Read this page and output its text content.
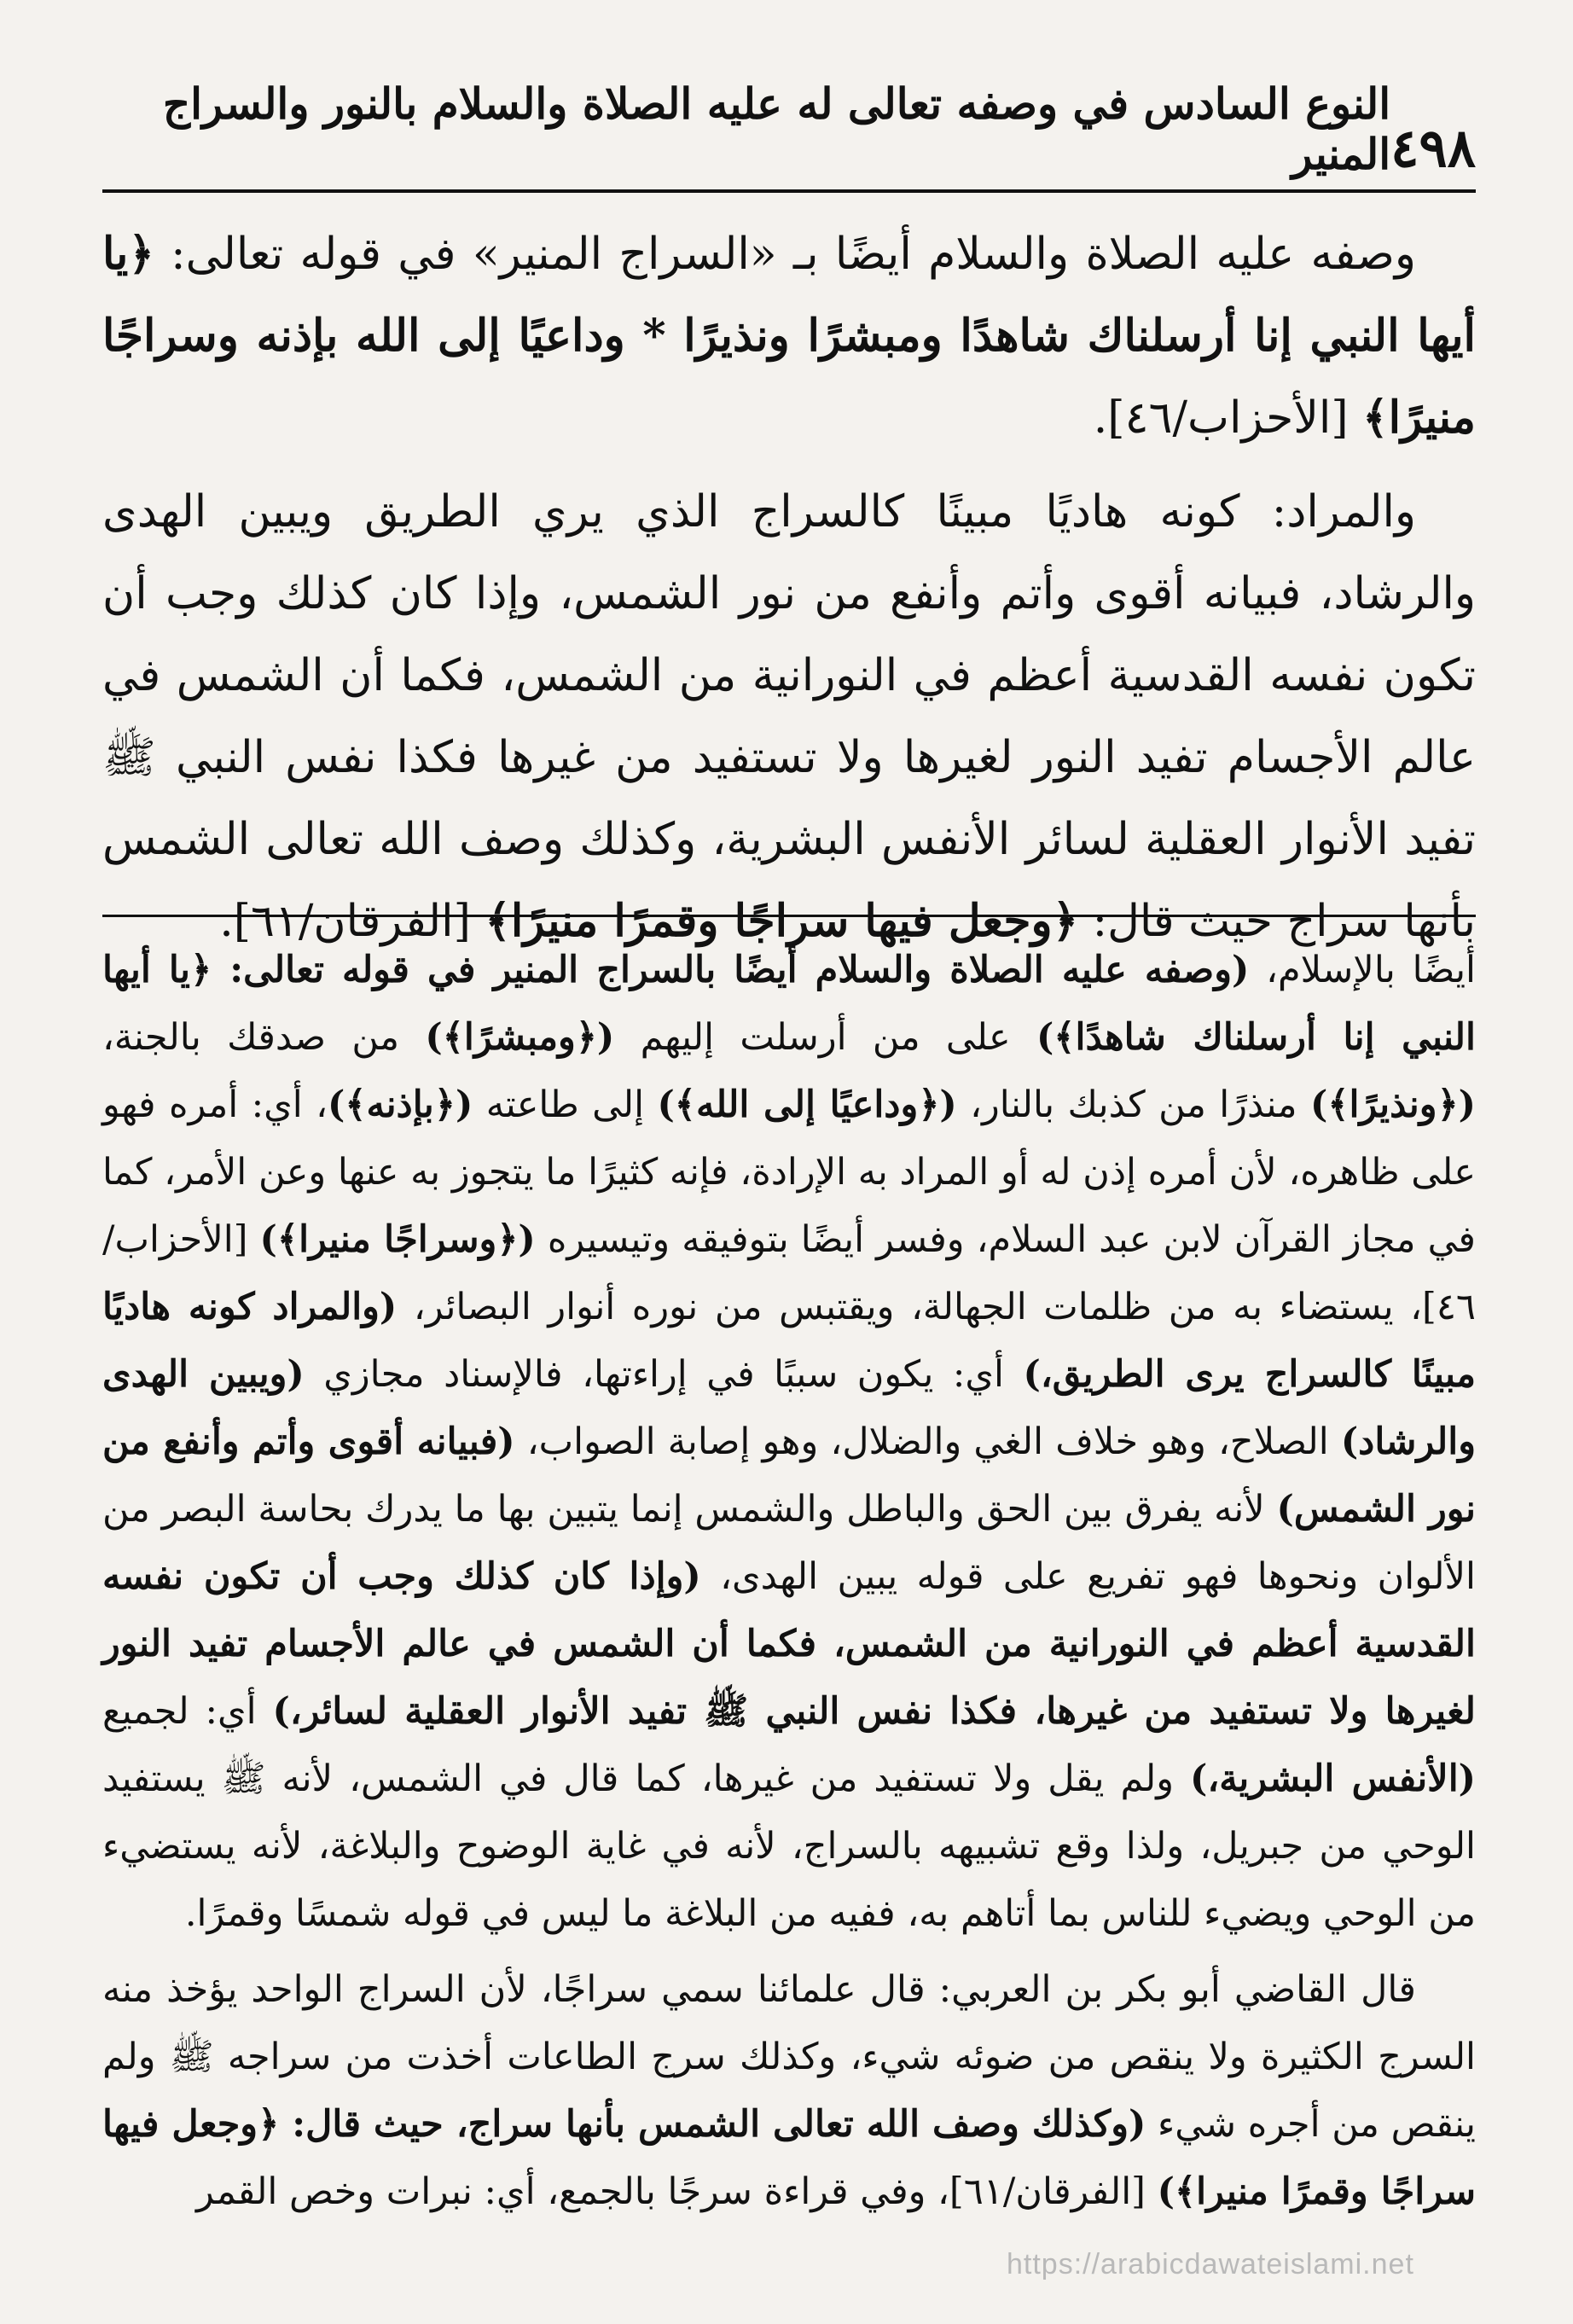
٤٩٨
النوع السادس في وصفه تعالى له عليه الصلاة والسلام بالنور والسراج المنير

وصفه عليه الصلاة والسلام أيضًا بـ «السراج المنير» في قوله تعالى: ﴿يا أيها النبي إنا أرسلناك شاهدًا ومبشرًا ونذيرًا * وداعيًا إلى الله بإذنه وسراجًا منيرًا﴾ [الأحزاب/٤٦].

والمراد: كونه هاديًا مبينًا كالسراج الذي يري الطريق ويبين الهدى والرشاد، فبيانه أقوى وأتم وأنفع من نور الشمس، وإذا كان كذلك وجب أن تكون نفسه القدسية أعظم في النورانية من الشمس، فكما أن الشمس في عالم الأجسام تفيد النور لغيرها ولا تستفيد من غيرها فكذا نفس النبي ﷺ تفيد الأنوار العقلية لسائر الأنفس البشرية، وكذلك وصف الله تعالى الشمس بأنها سراج حيث قال: ﴿وجعل فيها سراجًا وقمرًا منيرًا﴾ [الفرقان/٦١].

أيضًا بالإسلام، (وصفه عليه الصلاة والسلام أيضًا بالسراج المنير في قوله تعالى: ﴿يا أيها النبي إنا أرسلناك شاهدًا﴾) على من أرسلت إليهم (﴿ومبشرًا﴾) من صدقك بالجنة، (﴿ونذيرًا﴾) منذرًا من كذبك بالنار، (﴿وداعيًا إلى الله﴾) إلى طاعته (﴿بإذنه﴾)، أي: أمره فهو على ظاهره، لأن أمره إذن له أو المراد به الإرادة، فإنه كثيرًا ما يتجوز به عنها وعن الأمر، كما في مجاز القرآن لابن عبد السلام، وفسر أيضًا بتوفيقه وتيسيره (﴿وسراجًا منيرا﴾) [الأحزاب/٤٦]، يستضاء به من ظلمات الجهالة، ويقتبس من نوره أنوار البصائر، (والمراد كونه هاديًا مبينًا كالسراج يرى الطريق،) أي: يكون سببًا في إراءتها، فالإسناد مجازي (ويبين الهدى والرشاد) الصلاح، وهو خلاف الغي والضلال، وهو إصابة الصواب، (فبيانه أقوى وأتم وأنفع من نور الشمس) لأنه يفرق بين الحق والباطل والشمس إنما يتبين بها ما يدرك بحاسة البصر من الألوان ونحوها فهو تفريع على قوله يبين الهدى، (وإذا كان كذلك وجب أن تكون نفسه القدسية أعظم في النورانية من الشمس، فكما أن الشمس في عالم الأجسام تفيد النور لغيرها ولا تستفيد من غيرها، فكذا نفس النبي ﷺ تفيد الأنوار العقلية لسائر،) أي: لجميع (الأنفس البشرية،) ولم يقل ولا تستفيد من غيرها، كما قال في الشمس، لأنه ﷺ يستفيد الوحي من جبريل، ولذا وقع تشبيهه بالسراج، لأنه في غاية الوضوح والبلاغة، لأنه يستضيء من الوحي ويضيء للناس بما أتاهم به، ففيه من البلاغة ما ليس في قوله شمسًا وقمرًا.

قال القاضي أبو بكر بن العربي: قال علمائنا سمي سراجًا، لأن السراج الواحد يؤخذ منه السرج الكثيرة ولا ينقص من ضوئه شيء، وكذلك سرج الطاعات أخذت من سراجه ﷺ ولم ينقص من أجره شيء (وكذلك وصف الله تعالى الشمس بأنها سراج، حيث قال: ﴿وجعل فيها سراجًا وقمرًا منيرا﴾) [الفرقان/٦١]، وفي قراءة سرجًا بالجمع، أي: نبرات وخص القمر

https://arabicdawateislami.net
